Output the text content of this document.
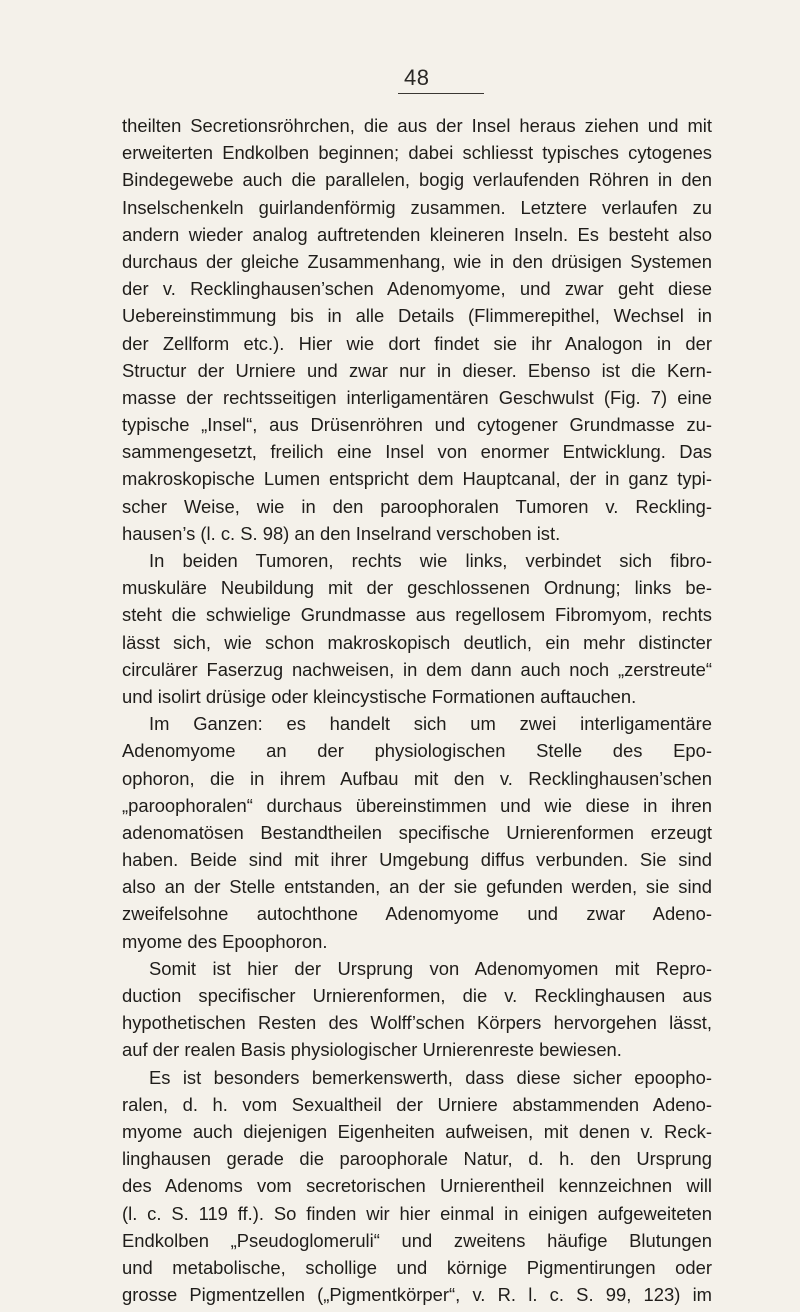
48
theilten Secretionsröhrchen, die aus der Insel heraus ziehen und mit
erweiterten Endkolben beginnen; dabei schliesst typisches cytogenes
Bindegewebe auch die parallelen, bogig verlaufenden Röhren in den
Inselschenkeln guirlandenförmig zusammen. Letztere verlaufen zu
andern wieder analog auftretenden kleineren Inseln. Es besteht also
durchaus der gleiche Zusammenhang, wie in den drüsigen Systemen
der v. Recklinghausen’schen Adenomyome, und zwar geht diese
Uebereinstimmung bis in alle Details (Flimmerepithel, Wechsel in
der Zellform etc.). Hier wie dort findet sie ihr Analogon in der
Structur der Urniere und zwar nur in dieser. Ebenso ist die Kern-
masse der rechtsseitigen interligamentären Geschwulst (Fig. 7) eine
typische „Insel“, aus Drüsenröhren und cytogener Grundmasse zu-
sammengesetzt, freilich eine Insel von enormer Entwicklung. Das
makroskopische Lumen entspricht dem Hauptcanal, der in ganz typi-
scher Weise, wie in den paroophoralen Tumoren v. Reckling-
hausen’s (l. c. S. 98) an den Inselrand verschoben ist.
In beiden Tumoren, rechts wie links, verbindet sich fibro-
muskuläre Neubildung mit der geschlossenen Ordnung; links be-
steht die schwielige Grundmasse aus regellosem Fibromyom, rechts
lässt sich, wie schon makroskopisch deutlich, ein mehr distincter
circulärer Faserzug nachweisen, in dem dann auch noch „zerstreute“
und isolirt drüsige oder kleincystische Formationen auftauchen.
Im Ganzen: es handelt sich um zwei interligamentäre
Adenomyome an der physiologischen Stelle des Epo-
ophoron, die in ihrem Aufbau mit den v. Recklinghausen’schen
„paroophoralen“ durchaus übereinstimmen und wie diese in ihren
adenomatösen Bestandtheilen specifische Urnierenformen erzeugt
haben. Beide sind mit ihrer Umgebung diffus verbunden. Sie sind
also an der Stelle entstanden, an der sie gefunden werden, sie sind
zweifelsohne autochthone Adenomyome und zwar Adeno-
myome des Epoophoron.
Somit ist hier der Ursprung von Adenomyomen mit Repro-
duction specifischer Urnierenformen, die v. Recklinghausen aus
hypothetischen Resten des Wolff’schen Körpers hervorgehen lässt,
auf der realen Basis physiologischer Urnierenreste bewiesen.
Es ist besonders bemerkenswerth, dass diese sicher epoopho-
ralen, d. h. vom Sexualtheil der Urniere abstammenden Adeno-
myome auch diejenigen Eigenheiten aufweisen, mit denen v. Reck-
linghausen gerade die paroophorale Natur, d. h. den Ursprung
des Adenoms vom secretorischen Urnierentheil kennzeichnen will
(l. c. S. 119 ff.). So finden wir hier einmal in einigen aufgeweiteten
Endkolben „Pseudoglomeruli“ und zweitens häufige Blutungen
und metabolische, schollige und körnige Pigmentirungen oder
grosse Pigmentzellen („Pigmentkörper“, v. R. l. c. S. 99, 123) im
